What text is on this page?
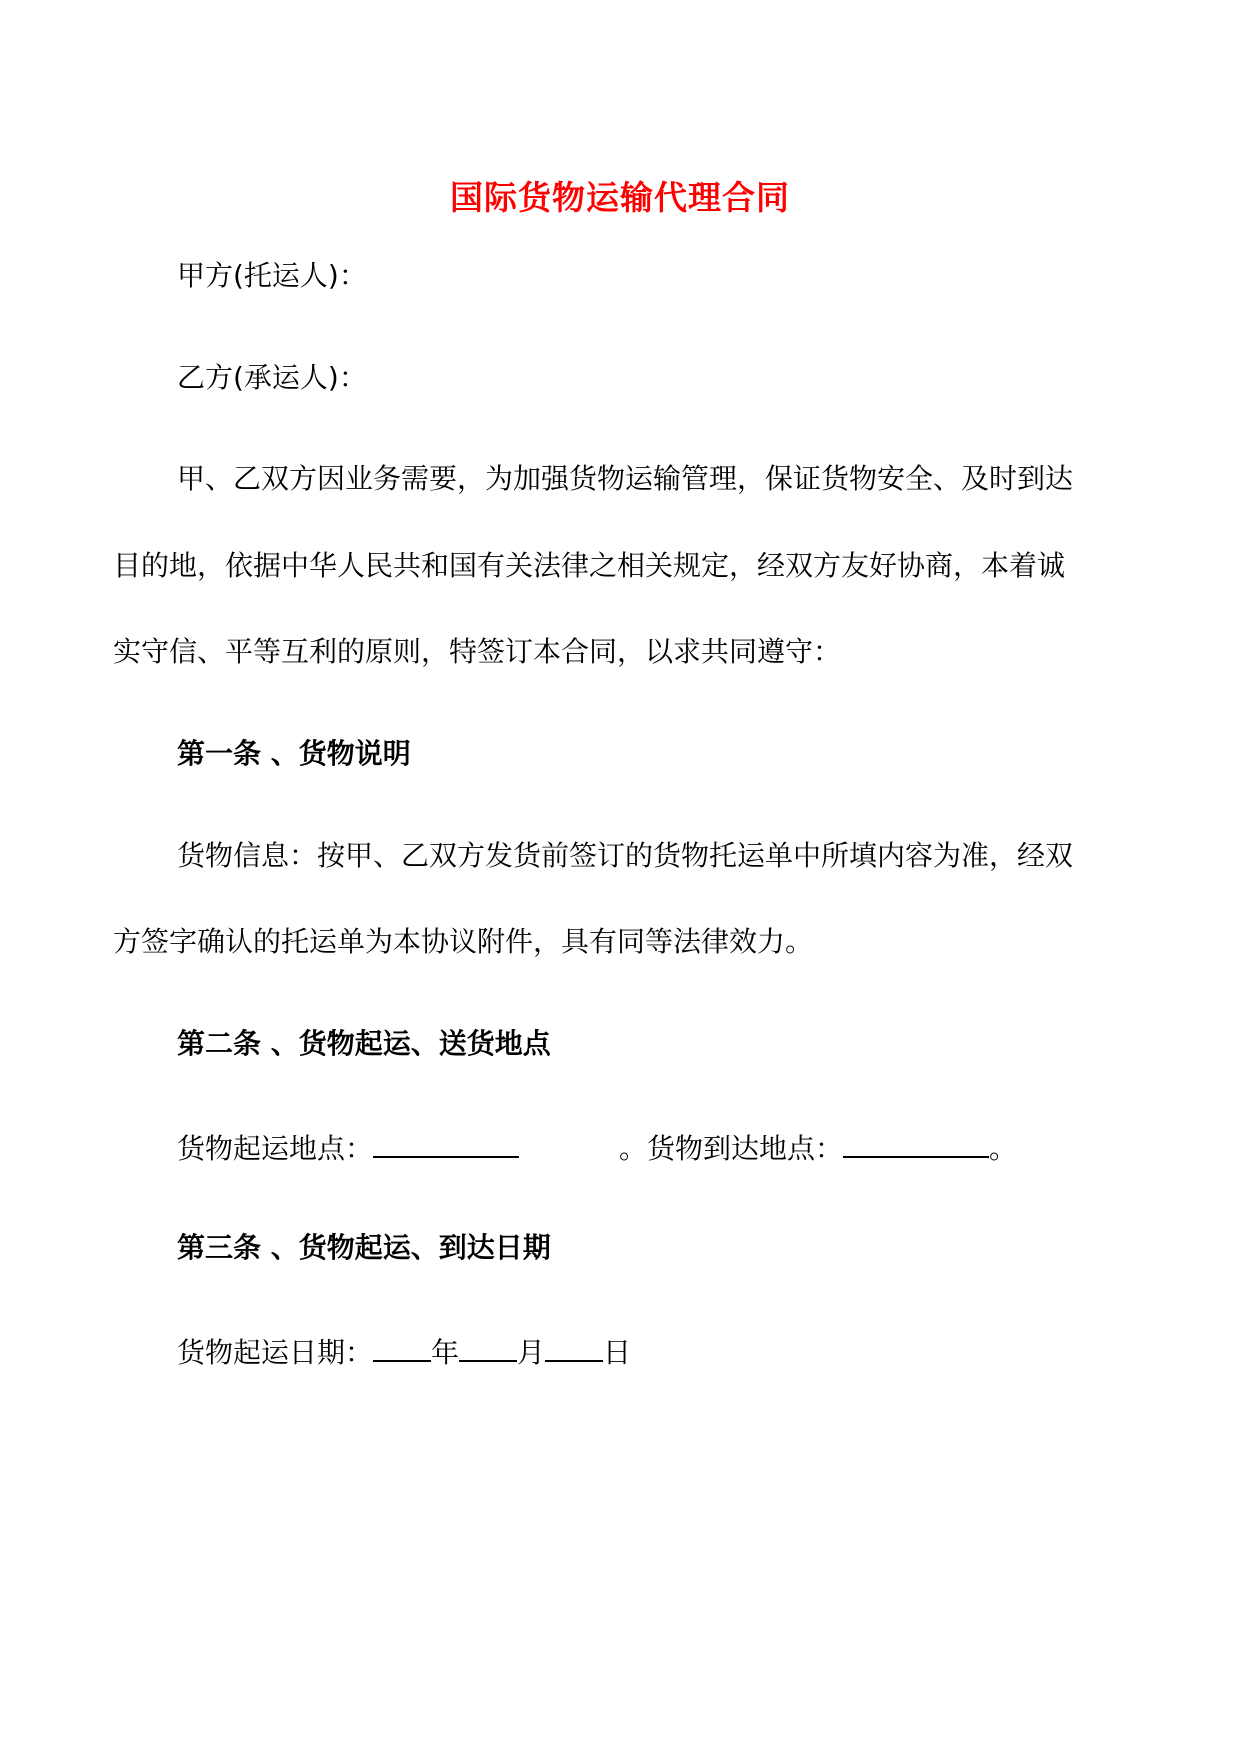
国际货物运输代理合同
甲方(托运人)：
乙方(承运人)：
甲、乙双方因业务需要，为加强货物运输管理，保证货物安全、及时到达
目的地，依据中华人民共和国有关法律之相关规定，经双方友好协商，本着诚
实守信、平等互利的原则，特签订本合同，以求共同遵守：
第一条 、货物说明
货物信息：按甲、乙双方发货前签订的货物托运单中所填内容为准，经双
方签字确认的托运单为本协议附件，具有同等法律效力。
第二条 、货物起运、送货地点
货物起运地点：	。货物到达地点：	。
第三条 、货物起运、到达日期
货物起运日期： 年 月 日
